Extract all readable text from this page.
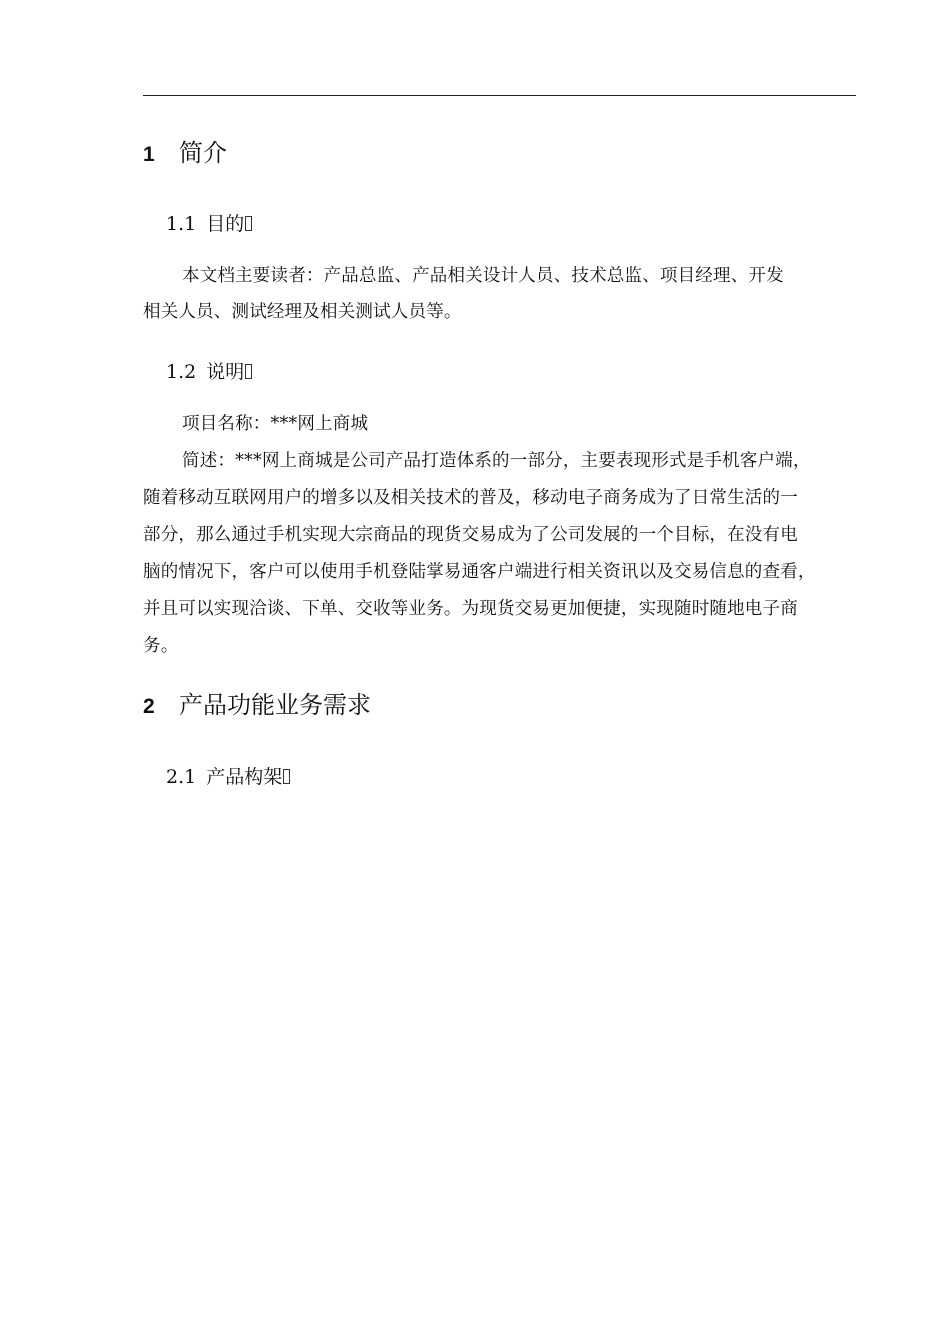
1 简介
1.1 目的
本文档主要读者：产品总监、产品相关设计人员、技术总监、项目经理、开发
相关人员、测试经理及相关测试人员等。
1.2 说明
项目名称：***网上商城
简述：***网上商城是公司产品打造体系的一部分，主要表现形式是手机客户端，
随着移动互联网用户的增多以及相关技术的普及，移动电子商务成为了日常生活的一
部分，那么通过手机实现大宗商品的现货交易成为了公司发展的一个目标，在没有电
脑的情况下，客户可以使用手机登陆掌易通客户端进行相关资讯以及交易信息的查看，
并且可以实现洽谈、下单、交收等业务。为现货交易更加便捷，实现随时随地电子商
务。
2 产品功能业务需求
2.1 产品构架
